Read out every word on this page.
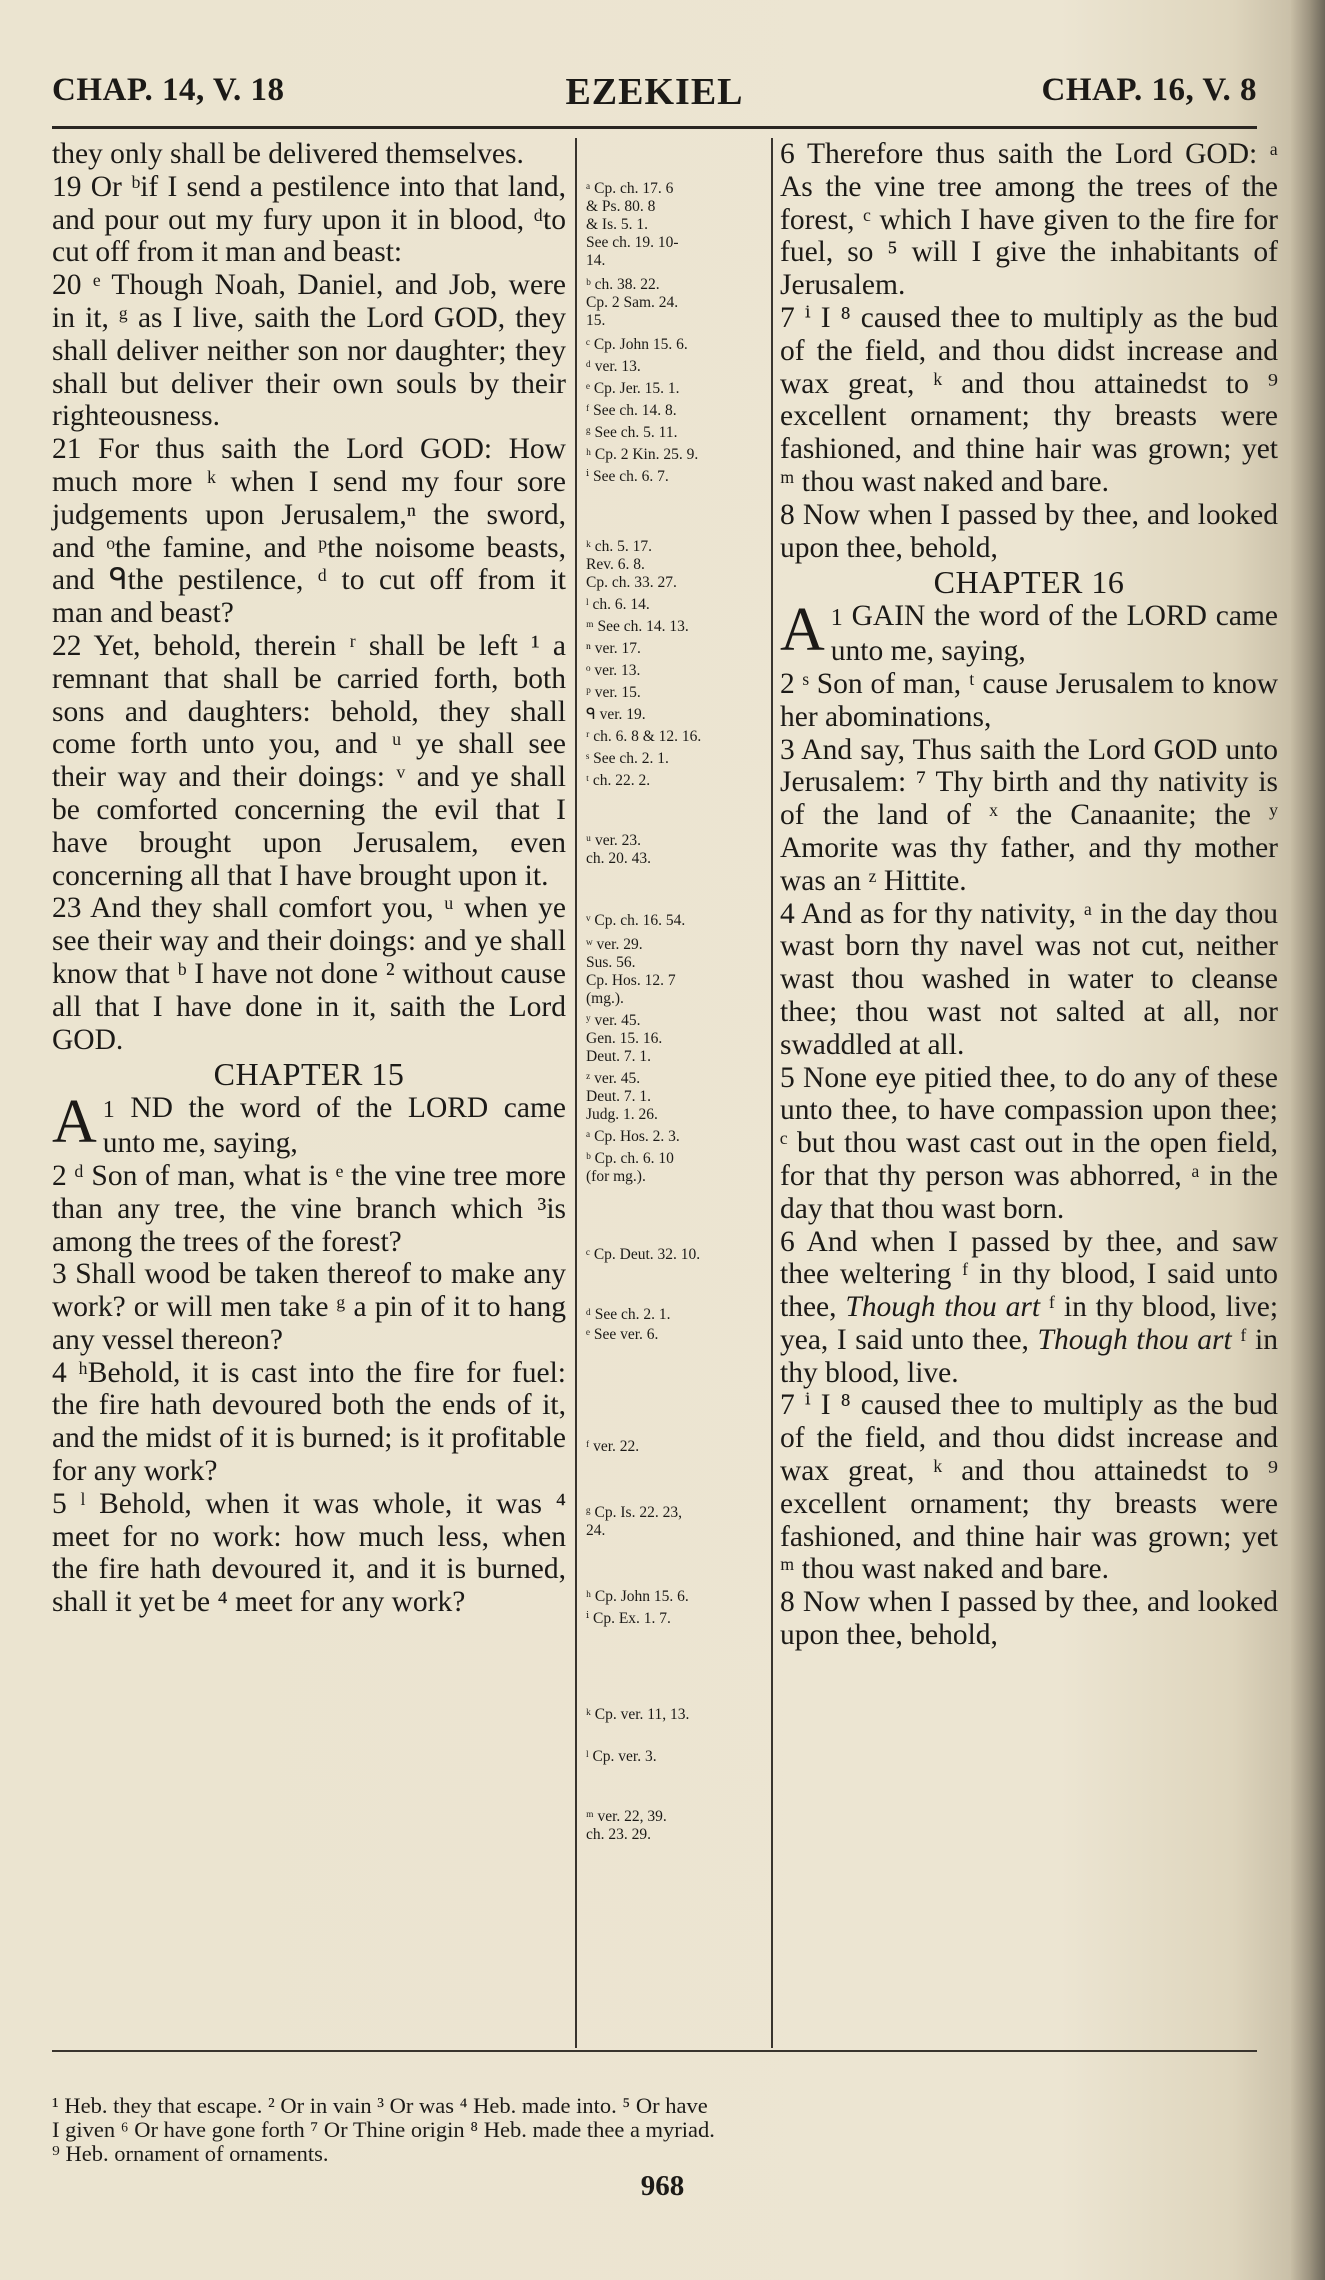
CHAP. 14, V. 18	EZEKIEL	CHAP. 16, V. 8

they only shall be delivered themselves.

19 Or ᵇif I send a pestilence into that land, and pour out my fury upon it in blood, ᵈto cut off from it man and beast:

20 ᵉ Though Noah, Daniel, and Job, were in it, ᵍ as I live, saith the Lord GOD, they shall deliver neither son nor daughter; they shall but deliver their own souls by their righteousness.

21 For thus saith the Lord GOD: How much more ᵏ when I send my four sore judgements upon Jerusalem,ⁿ the sword, and ᵒthe famine, and ᵖthe noisome beasts, and ᑫthe pestilence, ᵈ to cut off from it man and beast?

22 Yet, behold, therein ʳ shall be left ¹ a remnant that shall be carried forth, both sons and daughters: behold, they shall come forth unto you, and ᵘ ye shall see their way and their doings: ᵛ and ye shall be comforted concerning the evil that I have brought upon Jerusalem, even concerning all that I have brought upon it.

23 And they shall comfort you, ᵘ when ye see their way and their doings: and ye shall know that ᵇ I have not done ² without cause all that I have done in it, saith the Lord GOD.

CHAPTER 15

1
A ND the word of the LORD came unto me, saying,

2 ᵈ Son of man, what is ᵉ the vine tree more than any tree, the vine branch which ³is among the trees of the forest?

3 Shall wood be taken thereof to make any work? or will men take ᵍ a pin of it to hang any vessel thereon?

4 ʰBehold, it is cast into the fire for fuel: the fire hath devoured both the ends of it, and the midst of it is burned; is it profitable for any work?

5 ˡ Behold, when it was whole, it was ⁴ meet for no work: how much less, when the fire hath devoured it, and it is burned, shall it yet be ⁴ meet for any work?

ᵃ Cp. ch. 17. 6
& Ps. 80. 8
& Is. 5. 1.
See ch. 19. 10-
14.

ᵇ ch. 38. 22.
Cp. 2 Sam. 24.
15.

ᶜ Cp. John 15. 6.

ᵈ ver. 13.

ᵉ Cp. Jer. 15. 1.

ᶠ See ch. 14. 8.

ᵍ See ch. 5. 11.

ʰ Cp. 2 Kin. 25. 9.

ⁱ See ch. 6. 7.

ᵏ ch. 5. 17.
Rev. 6. 8.
Cp. ch. 33. 27.

ˡ ch. 6. 14.

ᵐ See ch. 14. 13.

ⁿ ver. 17.

ᵒ ver. 13.

ᵖ ver. 15.

ᑫ ver. 19.

ʳ ch. 6. 8 & 12. 16.

ˢ See ch. 2. 1.

ᵗ ch. 22. 2.

ᵘ ver. 23.
ch. 20. 43.

ᵛ Cp. ch. 16. 54.

ʷ ver. 29.
Sus. 56.
Cp. Hos. 12. 7
(mg.).

ʸ ver. 45.
Gen. 15. 16.
Deut. 7. 1.

ᶻ ver. 45.
Deut. 7. 1.
Judg. 1. 26.

ᵃ Cp. Hos. 2. 3.

ᵇ Cp. ch. 6. 10
(for mg.).

ᶜ Cp. Deut. 32. 10.

ᵈ See ch. 2. 1.

ᵉ See ver. 6.

ᶠ ver. 22.

ᵍ Cp. Is. 22. 23,
24.

ʰ Cp. John 15. 6.

ⁱ Cp. Ex. 1. 7.

ᵏ Cp. ver. 11, 13.

ˡ Cp. ver. 3.

ᵐ ver. 22, 39.
ch. 23. 29.

6 Therefore thus saith the Lord GOD: ᵃ As the vine tree among the trees of the forest, ᶜ which I have given to the fire for fuel, so ⁵ will I give the inhabitants of Jerusalem.

7 ⁱ I ⁸ caused thee to multiply as the bud of the field, and thou didst increase and wax great, ᵏ and thou attainedst to ⁹ excellent ornament; thy breasts were fashioned, and thine hair was grown; yet ᵐ thou wast naked and bare.

8 Now when I passed by thee, and looked upon thee, behold,

CHAPTER 16

1
A GAIN the word of the LORD came unto me, saying,

2 ˢ Son of man, ᵗ cause Jerusalem to know her abominations,

3 And say, Thus saith the Lord GOD unto Jerusalem: ⁷ Thy birth and thy nativity is of the land of ˣ the Canaanite; the ʸ Amorite was thy father, and thy mother was an ᶻ Hittite.

4 And as for thy nativity, ᵃ in the day thou wast born thy navel was not cut, neither wast thou washed in water to cleanse thee; thou wast not salted at all, nor swaddled at all.

5 None eye pitied thee, to do any of these unto thee, to have compassion upon thee; ᶜ but thou wast cast out in the open field, for that thy person was abhorred, ᵃ in the day that thou wast born.

6 And when I passed by thee, and saw thee weltering ᶠ in thy blood, I said unto thee, Though thou art ᶠ in thy blood, live; yea, I said unto thee, Though thou art ᶠ in thy blood, live.

7 ⁱ I ⁸ caused thee to multiply as the bud of the field, and thou didst increase and wax great, ᵏ and thou attainedst to ⁹ excellent ornament; thy breasts were fashioned, and thine hair was grown; yet ᵐ thou wast naked and bare.

8 Now when I passed by thee, and looked upon thee, behold,

¹ Heb. they that escape. ² Or in vain ³ Or was ⁴ Heb. made into. ⁵ Or have
I given ⁶ Or have gone forth ⁷ Or Thine origin ⁸ Heb. made thee a myriad.
⁹ Heb. ornament of ornaments.
968
